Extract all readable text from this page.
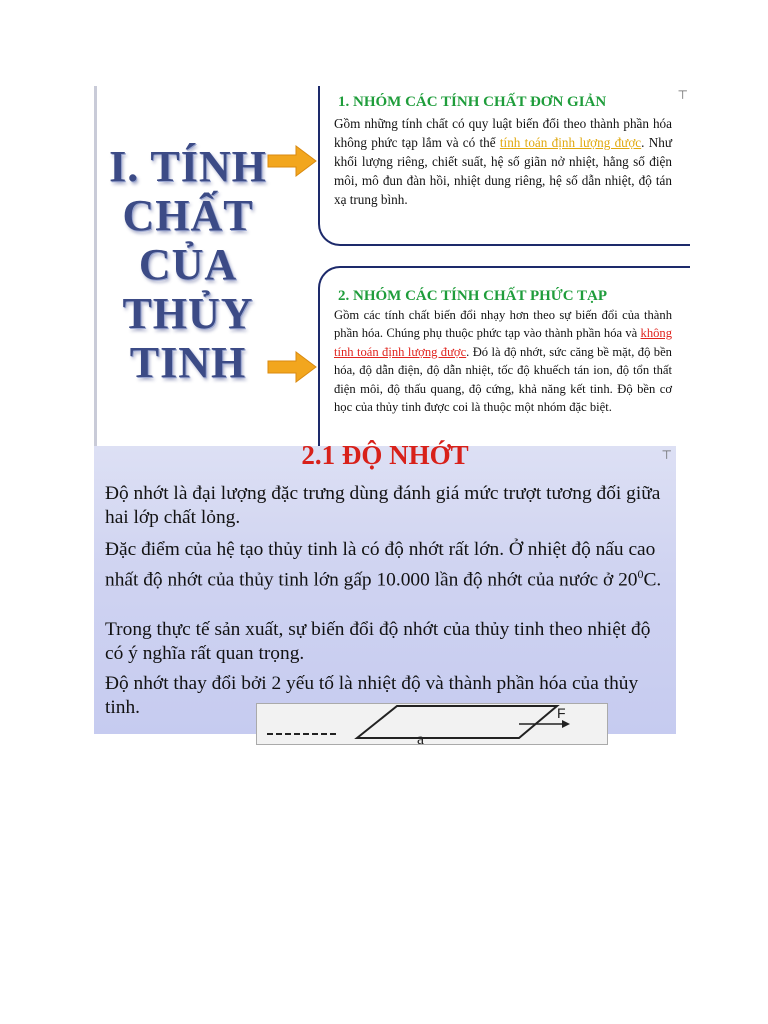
I. TÍNH
CHẤT
CỦA
THỦY
TINH

1. NHÓM CÁC TÍNH CHẤT ĐƠN GIẢN

Gồm những tính chất có quy luật biến đổi theo thành phần hóa không phức tạp lắm và có thể tính toán định lượng được. Như khối lượng riêng, chiết suất, hệ số giãn nở nhiệt, hằng số điện môi, mô đun đàn hồi, nhiệt dung riêng, hệ số dẫn nhiệt, độ tán xạ trung bình.

⊤

2. NHÓM CÁC TÍNH CHẤT PHỨC TẠP

Gồm các tính chất biến đổi nhạy hơn theo sự biến đổi của thành phần hóa. Chúng phụ thuộc phức tạp vào thành phần hóa và không tính toán định lượng được. Đó là độ nhớt, sức căng bề mặt, độ bền hóa, độ dẫn điện, độ dẫn nhiệt, tốc độ khuếch tán ion, độ tổn thất điện môi, độ thấu quang, độ cứng, khả năng kết tinh. Độ bền cơ học của thủy tinh được coi là thuộc một nhóm đặc biệt.

2.1 ĐỘ NHỚT

Độ nhớt là đại lượng đặc trưng dùng đánh giá mức trượt tương đối giữa hai lớp chất lỏng.

Đặc điểm của hệ tạo thủy tinh là có độ nhớt rất lớn. Ở nhiệt độ nấu cao nhất độ nhớt của thủy tinh lớn gấp 10.000 lần độ nhớt của nước ở $20^0C$.

Trong thực tế sản xuất, sự biến đổi độ nhớt của thủy tinh theo nhiệt độ có ý nghĩa rất quan trọng.

Độ nhớt thay đổi bởi 2 yếu tố là nhiệt độ và thành phần hóa của thủy tinh.

a
F
⊤
